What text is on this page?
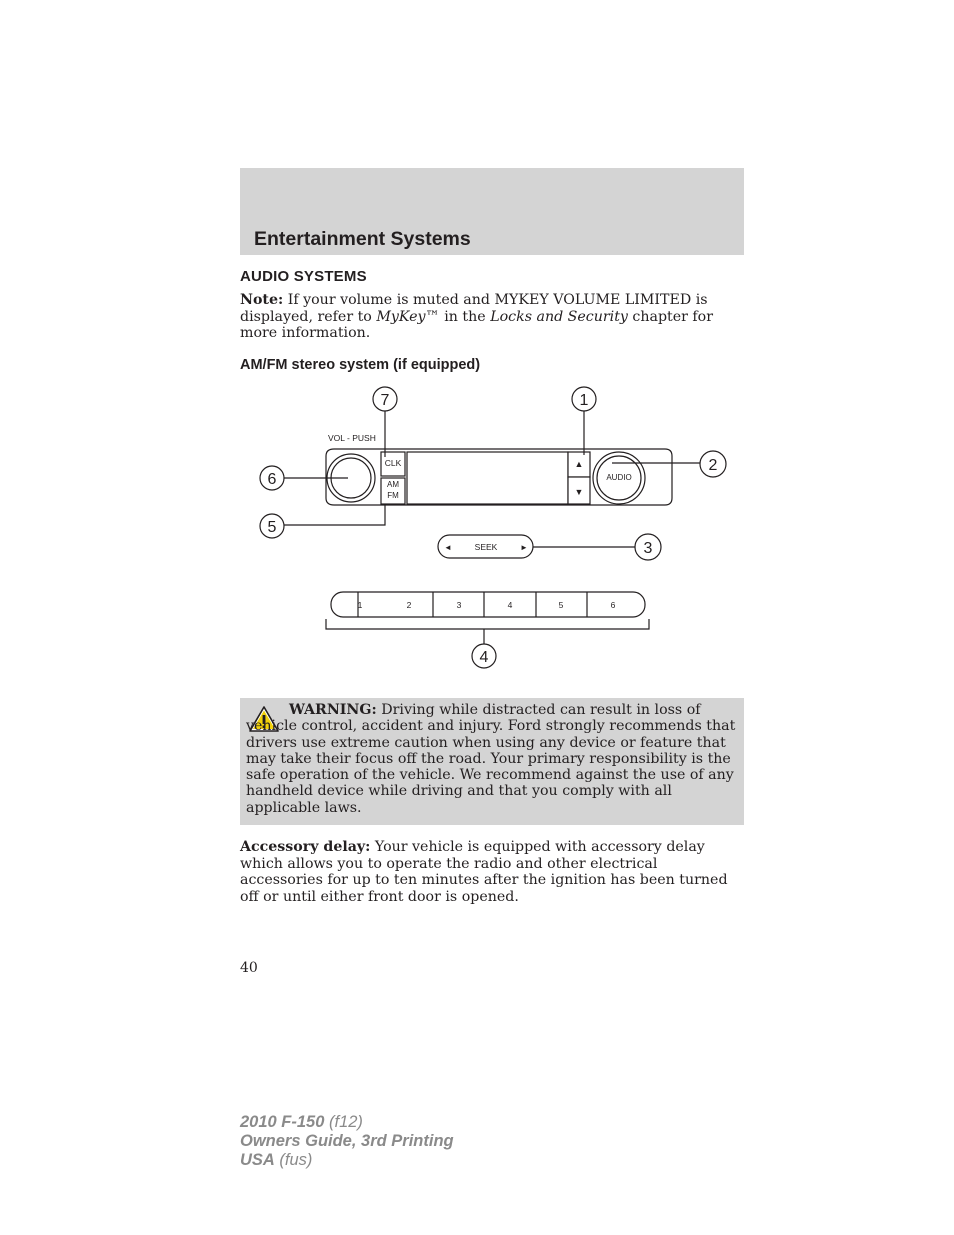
Entertainment Systems
AUDIO SYSTEMS

Note: If your volume is muted and MYKEY VOLUME LIMITED is displayed, refer to MyKey™ in the Locks and Security chapter for more information.

AM/FM stereo system (if equipped)
7	1
2
6
5
3
4
VOL - PUSH
CLK
AM
FM
AUDIO
SEEK
◄	►
▲
▼
1	2	3	4	5	6

WARNING: Driving while distracted can result in loss of vehicle control, accident and injury. Ford strongly recommends that drivers use extreme caution when using any device or feature that may take their focus off the road. Your primary responsibility is the safe operation of the vehicle. We recommend against the use of any handheld device while driving and that you comply with all applicable laws.

Accessory delay: Your vehicle is equipped with accessory delay which allows you to operate the radio and other electrical accessories for up to ten minutes after the ignition has been turned off or until either front door is opened.

40

2010 F-150 (f12)
Owners Guide, 3rd Printing
USA (fus)
